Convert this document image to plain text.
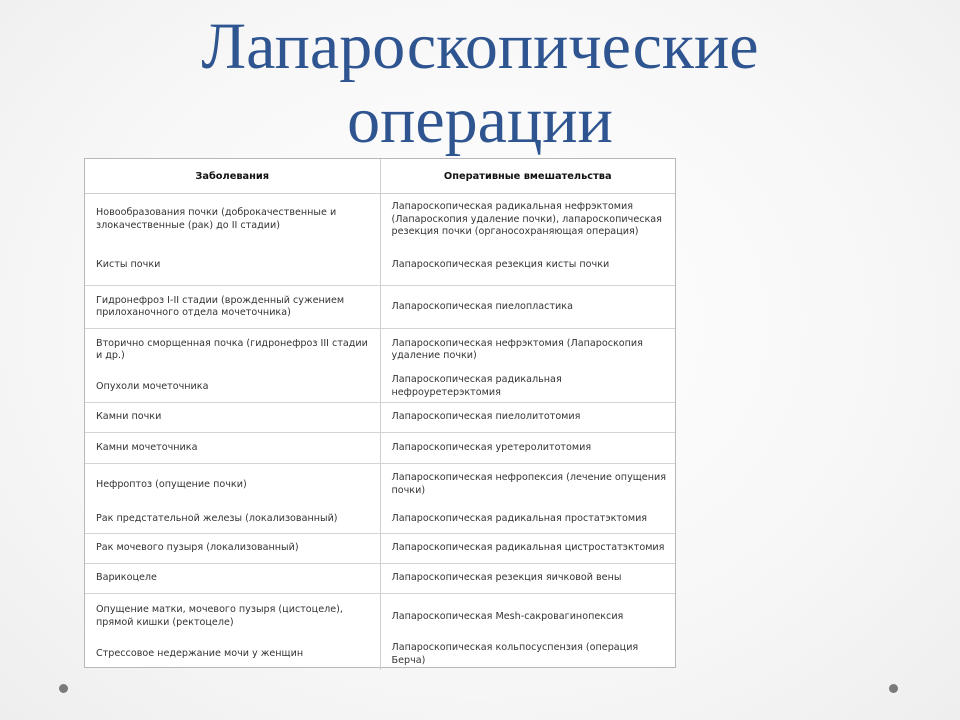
Лапароскопические
операции
Заболевания	Оперативные вмешательства
Новообразования почки (доброкачественные и злокачественные (рак) до II стадии)	Лапароскопическая радикальная нефрэктомия (Лапароскопия удаление почки), лапароскопическая резекция почки (органосохраняющая операция)
Кисты почки	Лапароскопическая резекция кисты почки
Гидронефроз I-II стадии (врожденный сужением прилоханочного отдела мочеточника)	Лапароскопическая пиелопластика
Вторично сморщенная почка (гидронефроз III стадии и др.)	Лапароскопическая нефрэктомия (Лапароскопия удаление почки)
Опухоли мочеточника	Лапароскопическая радикальная нефроуретерэктомия
Камни почки	Лапароскопическая пиелолитотомия
Камни мочеточника	Лапароскопическая уретеролитотомия
Нефроптоз (опущение почки)	Лапароскопическая нефропексия (лечение опущения почки)
Рак предстательной железы (локализованный)	Лапароскопическая радикальная простатэктомия
Рак мочевого пузыря (локализованный)	Лапароскопическая радикальная цистростатэктомия
Варикоцеле	Лапароскопическая резекция яичковой вены
Опущение матки, мочевого пузыря (цистоцеле), прямой кишки (ректоцеле)	Лапароскопическая Mesh-сакровагинопексия
Стрессовое недержание мочи у женщин	Лапароскопическая кольпосуспензия (операция Берча)
